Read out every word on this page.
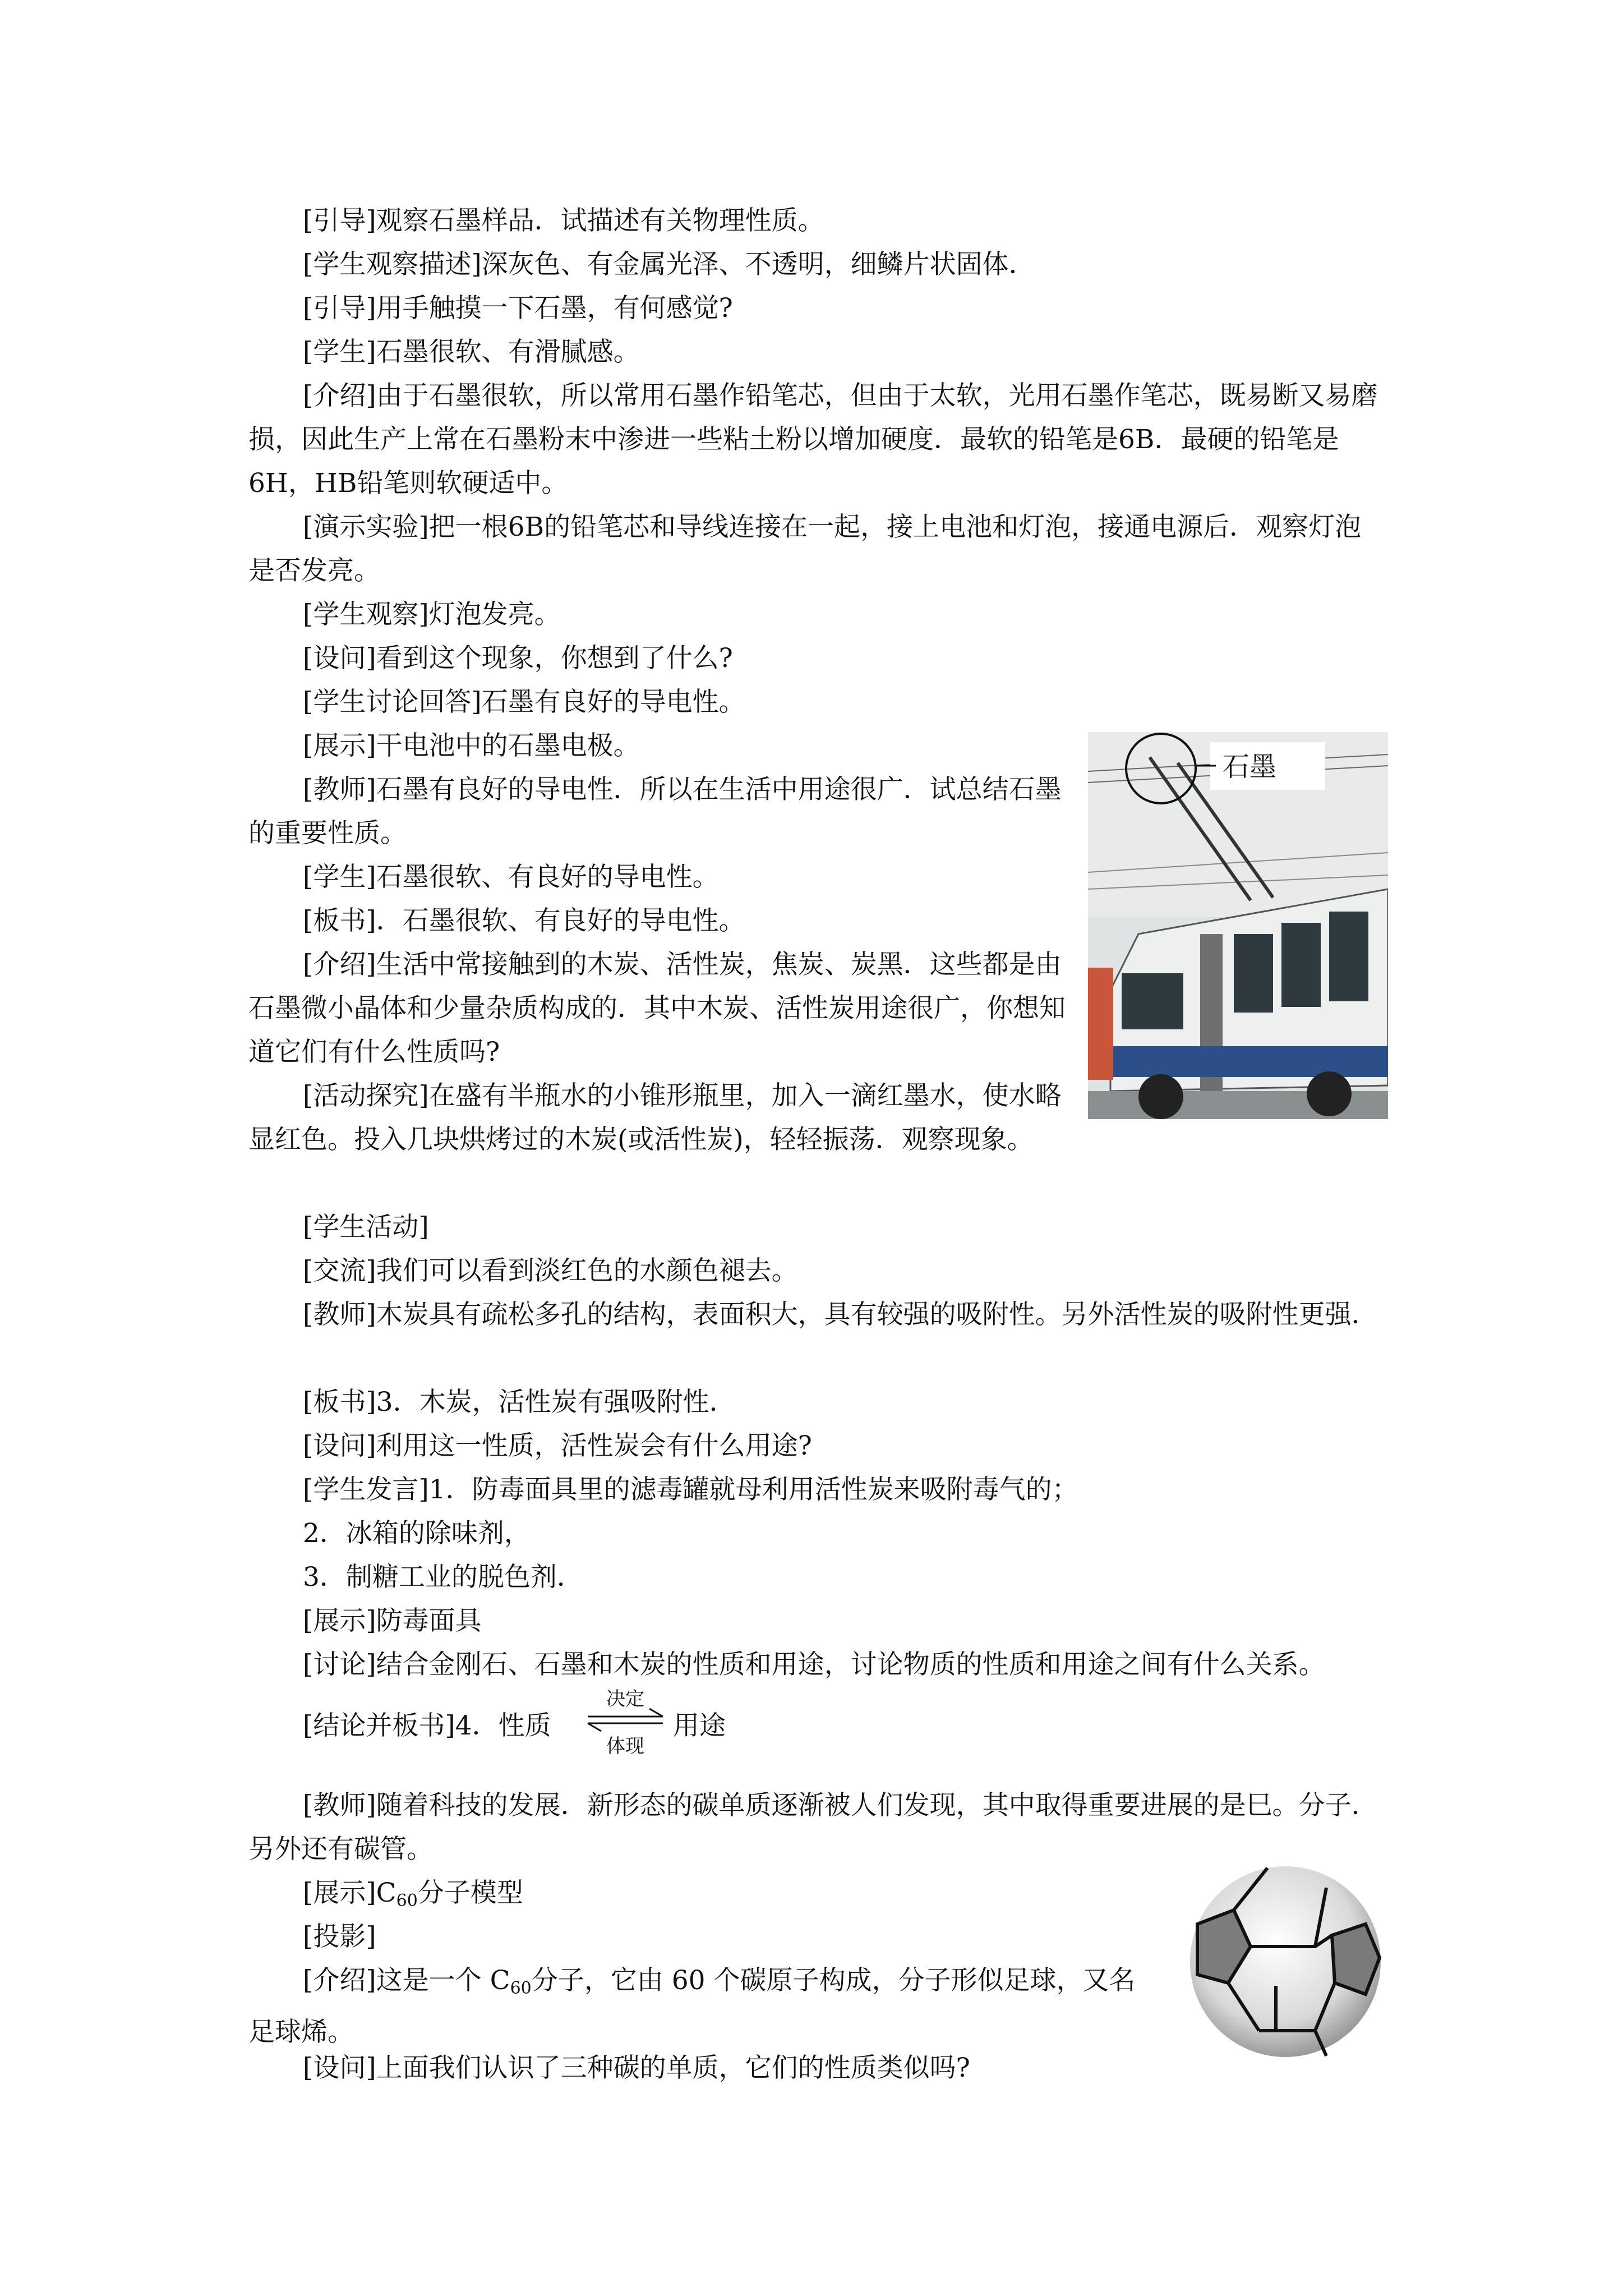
[引导]观察石墨样品．试描述有关物理性质。

[学生观察描述]深灰色、有金属光泽、不透明，细鳞片状固体．

[引导]用手触摸一下石墨，有何感觉?

[学生]石墨很软、有滑腻感。

[介绍]由于石墨很软，所以常用石墨作铅笔芯，但由于太软，光用石墨作笔芯，既易断又易磨损，因此生产上常在石墨粉末中渗进一些粘土粉以增加硬度．最软的铅笔是6B．最硬的铅笔是6H，HB铅笔则软硬适中。

[演示实验]把一根6B的铅笔芯和导线连接在一起，接上电池和灯泡，接通电源后．观察灯泡是否发亮。

[学生观察]灯泡发亮。

[设问]看到这个现象，你想到了什么?

[学生讨论回答]石墨有良好的导电性。

[展示]干电池中的石墨电极。

[教师]石墨有良好的导电性．所以在生活中用途很广．试总结石墨的重要性质。

[学生]石墨很软、有良好的导电性。

[板书]．石墨很软、有良好的导电性。

[介绍]生活中常接触到的木炭、活性炭，焦炭、炭黑．这些都是由石墨微小晶体和少量杂质构成的．其中木炭、活性炭用途很广，你想知道它们有什么性质吗?

[活动探究]在盛有半瓶水的小锥形瓶里，加入一滴红墨水，使水略显红色。投入几块烘烤过的木炭(或活性炭)，轻轻振荡．观察现象。

[学生活动]

[交流]我们可以看到淡红色的水颜色褪去。

[教师]木炭具有疏松多孔的结构，表面积大，具有较强的吸附性。另外活性炭的吸附性更强．

[板书]3．木炭，活性炭有强吸附性．

[设问]利用这一性质，活性炭会有什么用途?

[学生发言]1．防毒面具里的滤毒罐就母利用活性炭来吸附毒气的；

2．冰箱的除味剂，

3．制糖工业的脱色剂．

[展示]防毒面具

[讨论]结合金刚石、石墨和木炭的性质和用途，讨论物质的性质和用途之间有什么关系。

[结论并板书]4．性质

决定
体现

用途

[教师]随着科技的发展．新形态的碳单质逐渐被人们发现，其中取得重要进展的是巳。分子．另外还有碳管。

[展示]$C_{60}$分子模型

[投影]

[介绍]这是一个 $C_{60}$分子，它由 60 个碳原子构成，分子形似足球，又名足球烯。

[设问]上面我们认识了三种碳的单质，它们的性质类似吗?

石墨
